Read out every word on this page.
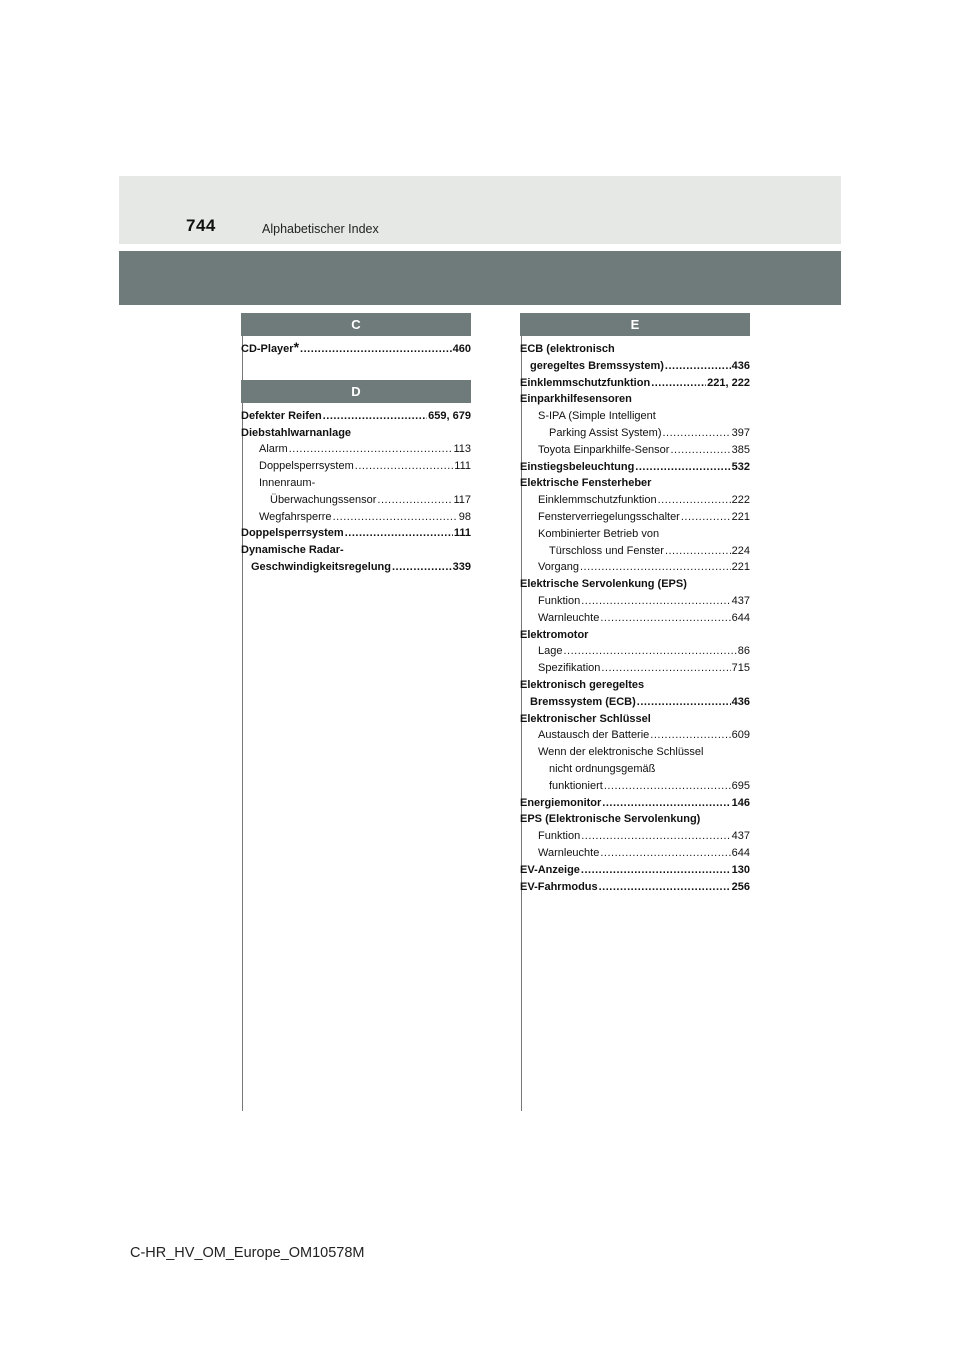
744	Alphabetischer Index
C
CD-Player * .....	460
D
Defekter Reifen .....	659, 679
Diebstahlwarnanlage
Alarm .....	113
Doppelsperrsystem .....	111
Innenraum-
Überwachungssensor .....	117
Wegfahrsperre .....	98
Doppelsperrsystem .....	111
Dynamische Radar-
Geschwindigkeitsregelung .....	339
E
ECB (elektronisch
geregeltes Bremssystem) .....	436
Einklemmschutzfunktion .....	221, 222
Einparkhilfesensoren
S-IPA (Simple Intelligent
Parking Assist System) .....	397
Toyota Einparkhilfe-Sensor .....	385
Einstiegsbeleuchtung .....	532
Elektrische Fensterheber
Einklemmschutzfunktion .....	222
Fensterverriegelungsschalter .....	221
Kombinierter Betrieb von
Türschloss und Fenster .....	224
Vorgang .....	221
Elektrische Servolenkung (EPS)
Funktion .....	437
Warnleuchte .....	644
Elektromotor
Lage .....	86
Spezifikation .....	715
Elektronisch geregeltes
Bremssystem (ECB) .....	436
Elektronischer Schlüssel
Austausch der Batterie .....	609
Wenn der elektronische Schlüssel
nicht ordnungsgemäß
funktioniert .....	695
Energiemonitor .....	146
EPS (Elektronische Servolenkung)
Funktion .....	437
Warnleuchte .....	644
EV-Anzeige .....	130
EV-Fahrmodus .....	256
C-HR_HV_OM_Europe_OM10578M
